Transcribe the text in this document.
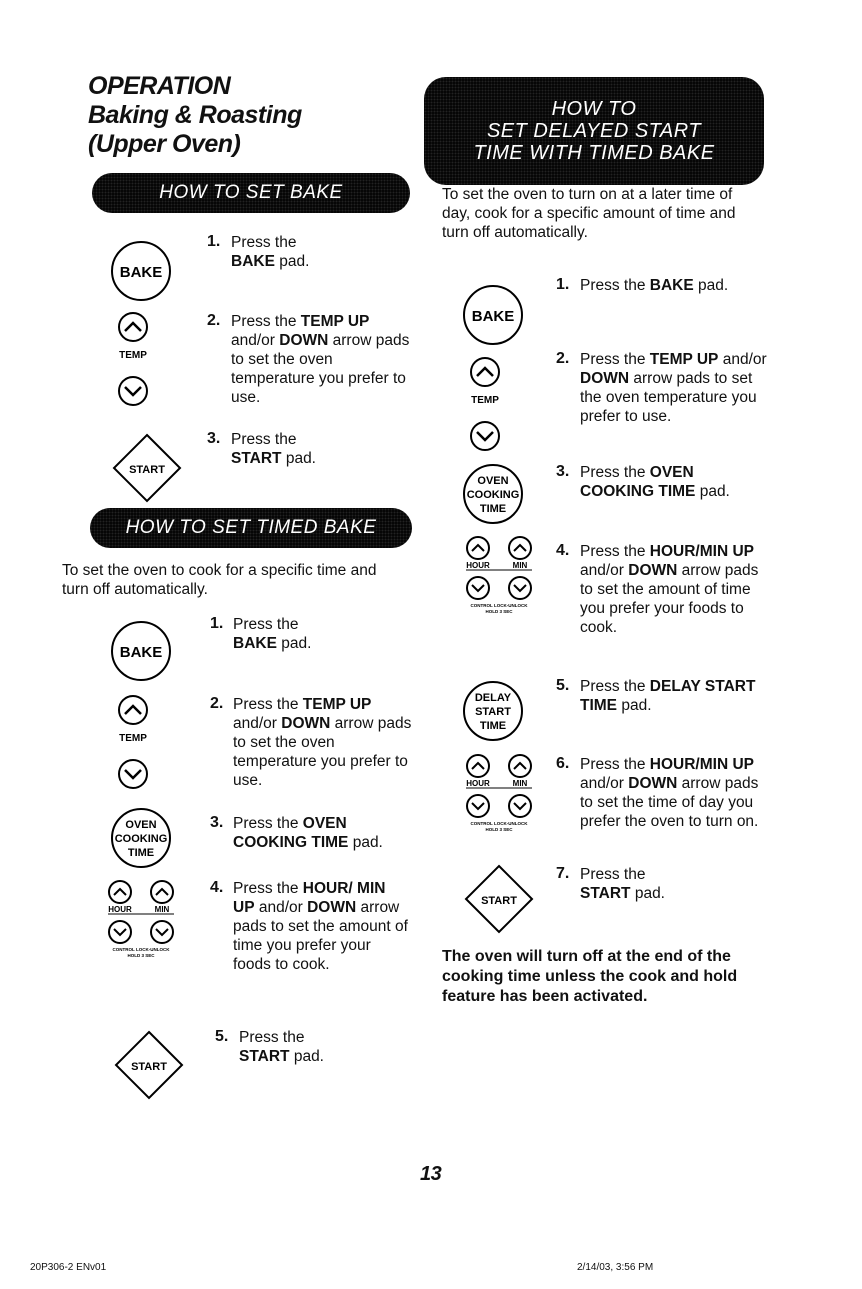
OPERATION
Baking & Roasting
(Upper Oven)
HOW TO SET BAKE
BAKE
1. Press the
BAKE pad.
TEMP
2. Press the TEMP UP and/or DOWN arrow pads to set the oven temperature you prefer to use.
START
3. Press the
START pad.
HOW TO SET TIMED BAKE
To set the oven to cook for a specific time and turn off automatically.
BAKE
1. Press the
BAKE pad.
TEMP
2. Press the TEMP UP and/or DOWN arrow pads to set the oven temperature you prefer to use.
OVEN
COOKING
TIME
3. Press the OVEN COOKING TIME pad.
HOUR	MIN
CONTROL LOCK-UNLOCK
HOLD 3 SEC
4. Press the HOUR/ MIN UP and/or DOWN arrow pads to set the amount of time you prefer your foods to cook.
START
5. Press the
START pad.
HOW TO
SET DELAYED START
TIME WITH TIMED BAKE
To set the oven to turn on at a later time of day, cook for a specific amount of time and turn off automatically.
BAKE
1. Press the BAKE pad.
TEMP
2. Press the TEMP UP and/or DOWN arrow pads to set the oven temperature you prefer to use.
OVEN
COOKING
TIME
3. Press the OVEN COOKING TIME pad.
HOUR	MIN
CONTROL LOCK-UNLOCK
HOLD 3 SEC
4. Press the HOUR/MIN UP and/or DOWN arrow pads to set the amount of time you prefer your foods to cook.
DELAY
START
TIME
5. Press the DELAY START TIME pad.
HOUR	MIN
CONTROL LOCK-UNLOCK
HOLD 3 SEC
6. Press the HOUR/MIN UP and/or DOWN arrow pads to set the time of day you prefer the oven to turn on.
START
7. Press the
START pad.
The oven will turn off at the end of the cooking time unless the cook and hold feature has been activated.
13
20P306-2 ENv01	2/14/03, 3:56 PM
